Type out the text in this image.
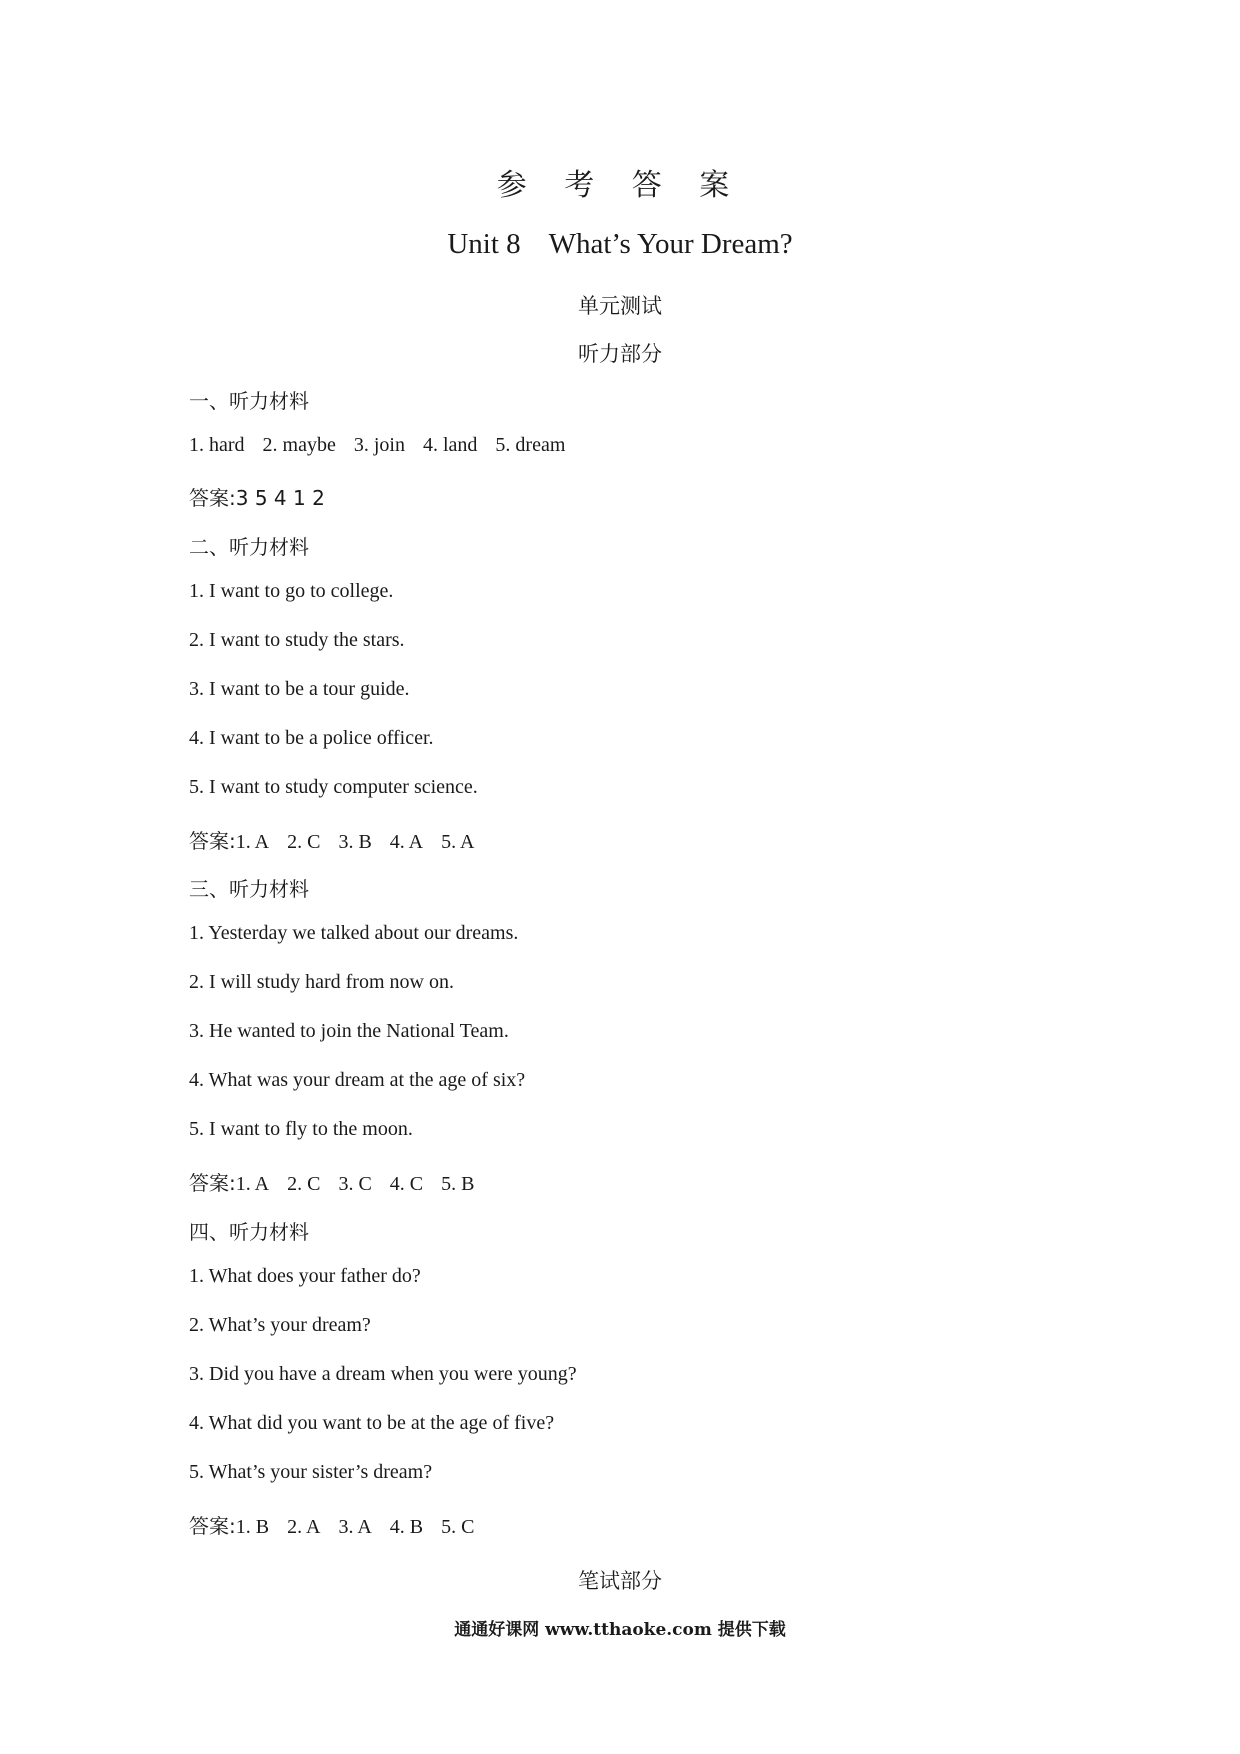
参 考 答 案
Unit 8 What’s Your Dream?
单元测试
听力部分
一、听力材料
1. hard 2. maybe 3. join 4. land 5. dream
答案:3 5 4 1 2
二、听力材料
1. I want to go to college.
2. I want to study the stars.
3. I want to be a tour guide.
4. I want to be a police officer.
5. I want to study computer science.
答案:1. A 2. C 3. B 4. A 5. A
三、听力材料
1. Yesterday we talked about our dreams.
2. I will study hard from now on.
3. He wanted to join the National Team.
4. What was your dream at the age of six?
5. I want to fly to the moon.
答案:1. A 2. C 3. C 4. C 5. B
四、听力材料
1. What does your father do?
2. What’s your dream?
3. Did you have a dream when you were young?
4. What did you want to be at the age of five?
5. What’s your sister’s dream?
答案:1. B 2. A 3. A 4. B 5. C
笔试部分
通通好课网 www.tthaoke.com 提供下载
